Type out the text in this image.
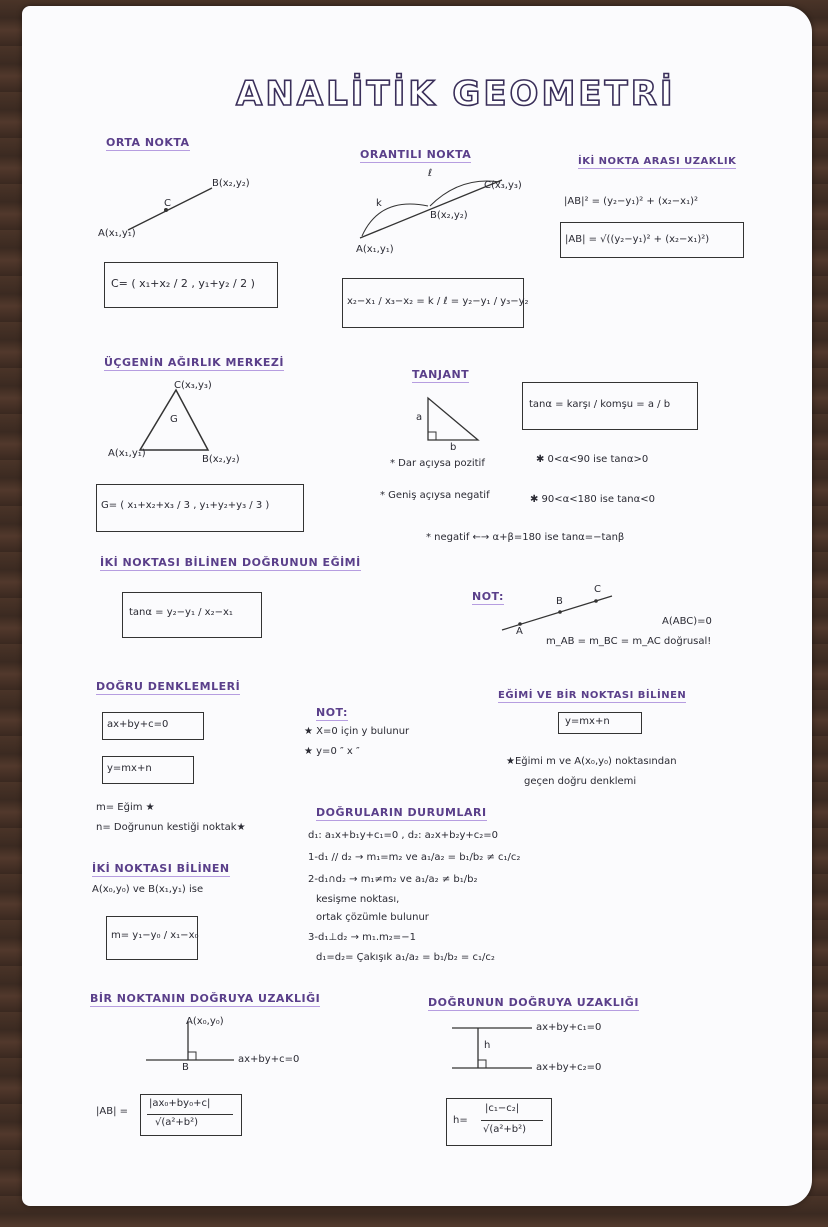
ANALİTİK GEOMETRİ
ORTA NOKTA
A(x₁,y₁)
B(x₂,y₂)
C
C= ( x₁+x₂ / 2 , y₁+y₂ / 2 )
ORANTILI NOKTA
k
ℓ
A(x₁,y₁)
B(x₂,y₂)
C(x₃,y₃)
x₂−x₁ / x₃−x₂ = k / ℓ = y₂−y₁ / y₃−y₂
İKİ NOKTA ARASI UZAKLIK
|AB|² = (y₂−y₁)² + (x₂−x₁)²
|AB| = √((y₂−y₁)² + (x₂−x₁)²)
ÜÇGENİN AĞIRLIK MERKEZİ
C(x₃,y₃)
G
A(x₁,y₁)
B(x₂,y₂)
G= ( x₁+x₂+x₃ / 3 , y₁+y₂+y₃ / 3 )
TANJANT
a
b
tanα = karşı / komşu = a / b
* Dar açıysa pozitif	✱ 0<α<90 ise tanα>0
* Geniş açıysa negatif	✱ 90<α<180 ise tanα<0
* negatif ←→ α+β=180 ise tanα=−tanβ
İKİ NOKTASI BİLİNEN DOĞRUNUN EĞİMİ
tanα = y₂−y₁ / x₂−x₁
NOT:
A
B
C
A(ABC)=0
m_AB = m_BC = m_AC doğrusal!
DOĞRU DENKLEMLERİ
ax+by+c=0
y=mx+n
m= Eğim ★
n= Doğrunun kestiği noktak★
NOT:
★ X=0 için y bulunur
★ y=0 ″ x ″
EĞİMİ VE BİR NOKTASI BİLİNEN
y=mx+n
★Eğimi m ve A(x₀,y₀) noktasından
geçen doğru denklemi
İKİ NOKTASI BİLİNEN
A(x₀,y₀) ve B(x₁,y₁) ise
m= y₁−y₀ / x₁−x₀
DOĞRULARIN DURUMLARI
d₁: a₁x+b₁y+c₁=0 , d₂: a₂x+b₂y+c₂=0
1-d₁ // d₂ → m₁=m₂ ve a₁/a₂ = b₁/b₂ ≠ c₁/c₂
2-d₁∩d₂ → m₁≠m₂ ve a₁/a₂ ≠ b₁/b₂
kesişme noktası,
ortak çözümle bulunur
3-d₁⊥d₂ → m₁.m₂=−1
d₁=d₂= Çakışık a₁/a₂ = b₁/b₂ = c₁/c₂
BİR NOKTANIN DOĞRUYA UZAKLIĞI
A(x₀,y₀)
B
ax+by+c=0
|AB| =
|ax₀+by₀+c|
√(a²+b²)
DOĞRUNUN DOĞRUYA UZAKLIĞI
ax+by+c₁=0
ax+by+c₂=0
h
h=
|c₁−c₂|
√(a²+b²)
